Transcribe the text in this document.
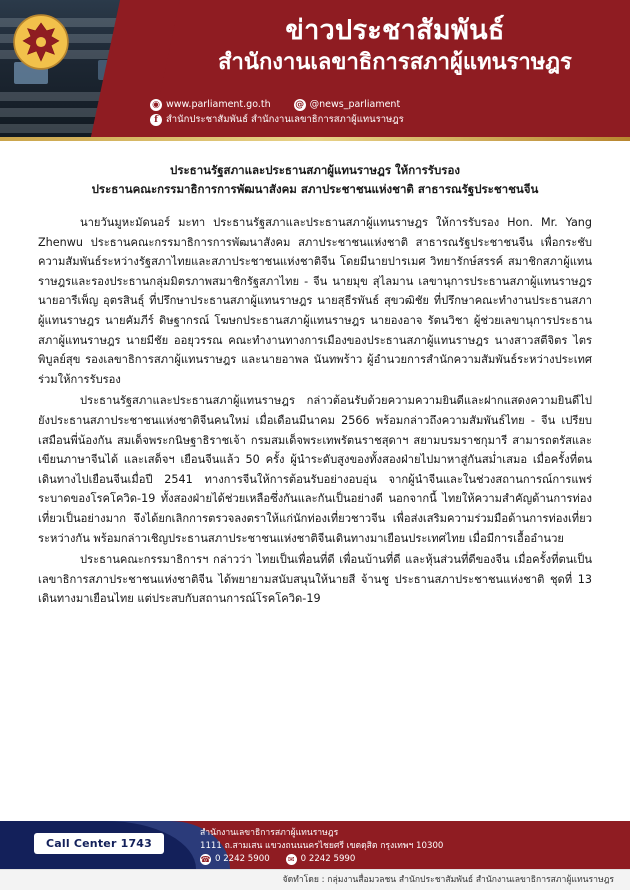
ข่าวประชาสัมพันธ์
สำนักงานเลขาธิการสภาผู้แทนราษฎร
◉ www.parliament.go.th	@ @news_parliament
f สำนักประชาสัมพันธ์ สำนักงานเลขาธิการสภาผู้แทนราษฎร
ประธานรัฐสภาและประธานสภาผู้แทนราษฎร ให้การรับรอง
ประธานคณะกรรมาธิการการพัฒนาสังคม สภาประชาชนแห่งชาติ สาธารณรัฐประชาชนจีน

นายวันมูหะมัดนอร์ มะทา ประธานรัฐสภาและประธานสภาผู้แทนราษฎร ให้การรับรอง Hon. Mr. Yang Zhenwu ประธานคณะกรรมาธิการการพัฒนาสังคม สภาประชาชนแห่งชาติ สาธารณรัฐประชาชนจีน เพื่อกระชับความสัมพันธ์ระหว่างรัฐสภาไทยและสภาประชาชนแห่งชาติจีน โดยมีนายปารเมศ วิทยารักษ์สรรค์ สมาชิกสภาผู้แทนราษฎรและรองประธานกลุ่มมิตรภาพสมาชิกรัฐสภาไทย - จีน นายมุข สุไลมาน เลขานุการประธานสภาผู้แทนราษฎร นายอารีเพ็ญ อุตรสินธุ์ ที่ปรึกษาประธานสภาผู้แทนราษฎร นายสุธีรพันธ์ สุขวฒิชัย ที่ปรึกษาคณะทำงานประธานสภาผู้แทนราษฎร นายคัมภีร์ ดิษฐากรณ์ โฆษกประธานสภาผู้แทนราษฎร นายองอาจ รัตนวิชา ผู้ช่วยเลขานุการประธานสภาผู้แทนราษฎร นายมีชัย ออยุวรรณ คณะทำงานทางการเมืองของประธานสภาผู้แทนราษฎร นางสาวสตีจิตร ไตรพิบูลย์สุข รองเลขาธิการสภาผู้แทนราษฎร และนายอาพล นันทพร้าว ผู้อำนวยการสำนักความสัมพันธ์ระหว่างประเทศ ร่วมให้การรับรอง

ประธานรัฐสภาและประธานสภาผู้แทนราษฎร กล่าวต้อนรับด้วยความความยินดีและฝากแสดงความยินดีไปยังประธานสภาประชาชนแห่งชาติจีนคนใหม่ เมื่อเดือนมีนาคม 2566 พร้อมกล่าวถึงความสัมพันธ์ไทย - จีน เปรียบเสมือนพี่น้องกัน สมเด็จพระกนิษฐาธิราชเจ้า กรมสมเด็จพระเทพรัตนราชสุดาฯ สยามบรมราชกุมารี สามารถตรัสและเขียนภาษาจีนได้ และเสด็จฯ เยือนจีนแล้ว 50 ครั้ง ผู้นำระดับสูงของทั้งสองฝ่ายไปมาหาสู่กันสม่ำเสมอ เมื่อครั้งที่ตนเดินทางไปเยือนจีนเมื่อปี 2541 ทางการจีนให้การต้อนรับอย่างอบอุ่น จากผู้นำจีนและในช่วงสถานการณ์การแพร่ระบาดของโรคโควิด-19 ทั้งสองฝ่ายได้ช่วยเหลือซึ่งกันและกันเป็นอย่างดี นอกจากนี้ ไทยให้ความสำคัญด้านการท่องเที่ยวเป็นอย่างมาก จึงได้ยกเลิกการตรวจลงตราให้แก่นักท่องเที่ยวชาวจีน เพื่อส่งเสริมความร่วมมือด้านการท่องเที่ยวระหว่างกัน พร้อมกล่าวเชิญประธานสภาประชาชนแห่งชาติจีนเดินทางมาเยือนประเทศไทย เมื่อมีการเอื้ออำนวย

ประธานคณะกรรมาธิการฯ กล่าวว่า ไทยเป็นเพื่อนที่ดี เพื่อนบ้านที่ดี และหุ้นส่วนที่ดีของจีน เมื่อครั้งที่ตนเป็นเลขาธิการสภาประชาชนแห่งชาติจีน ได้พยายามสนับสนุนให้นายสี จ้านชู ประธานสภาประชาชนแห่งชาติ ชุดที่ 13 เดินทางมาเยือนไทย แต่ประสบกับสถานการณ์โรคโควิด-19

Call Center 1743
สำนักงานเลขาธิการสภาผู้แทนราษฎร
1111 ถ.สามเสน แขวงถนนนครไชยศรี เขตดุสิต กรุงเทพฯ 10300
☎ 0 2242 5900 ✉ 0 2242 5990
จัดทำโดย : กลุ่มงานสื่อมวลชน สำนักประชาสัมพันธ์ สำนักงานเลขาธิการสภาผู้แทนราษฎร
